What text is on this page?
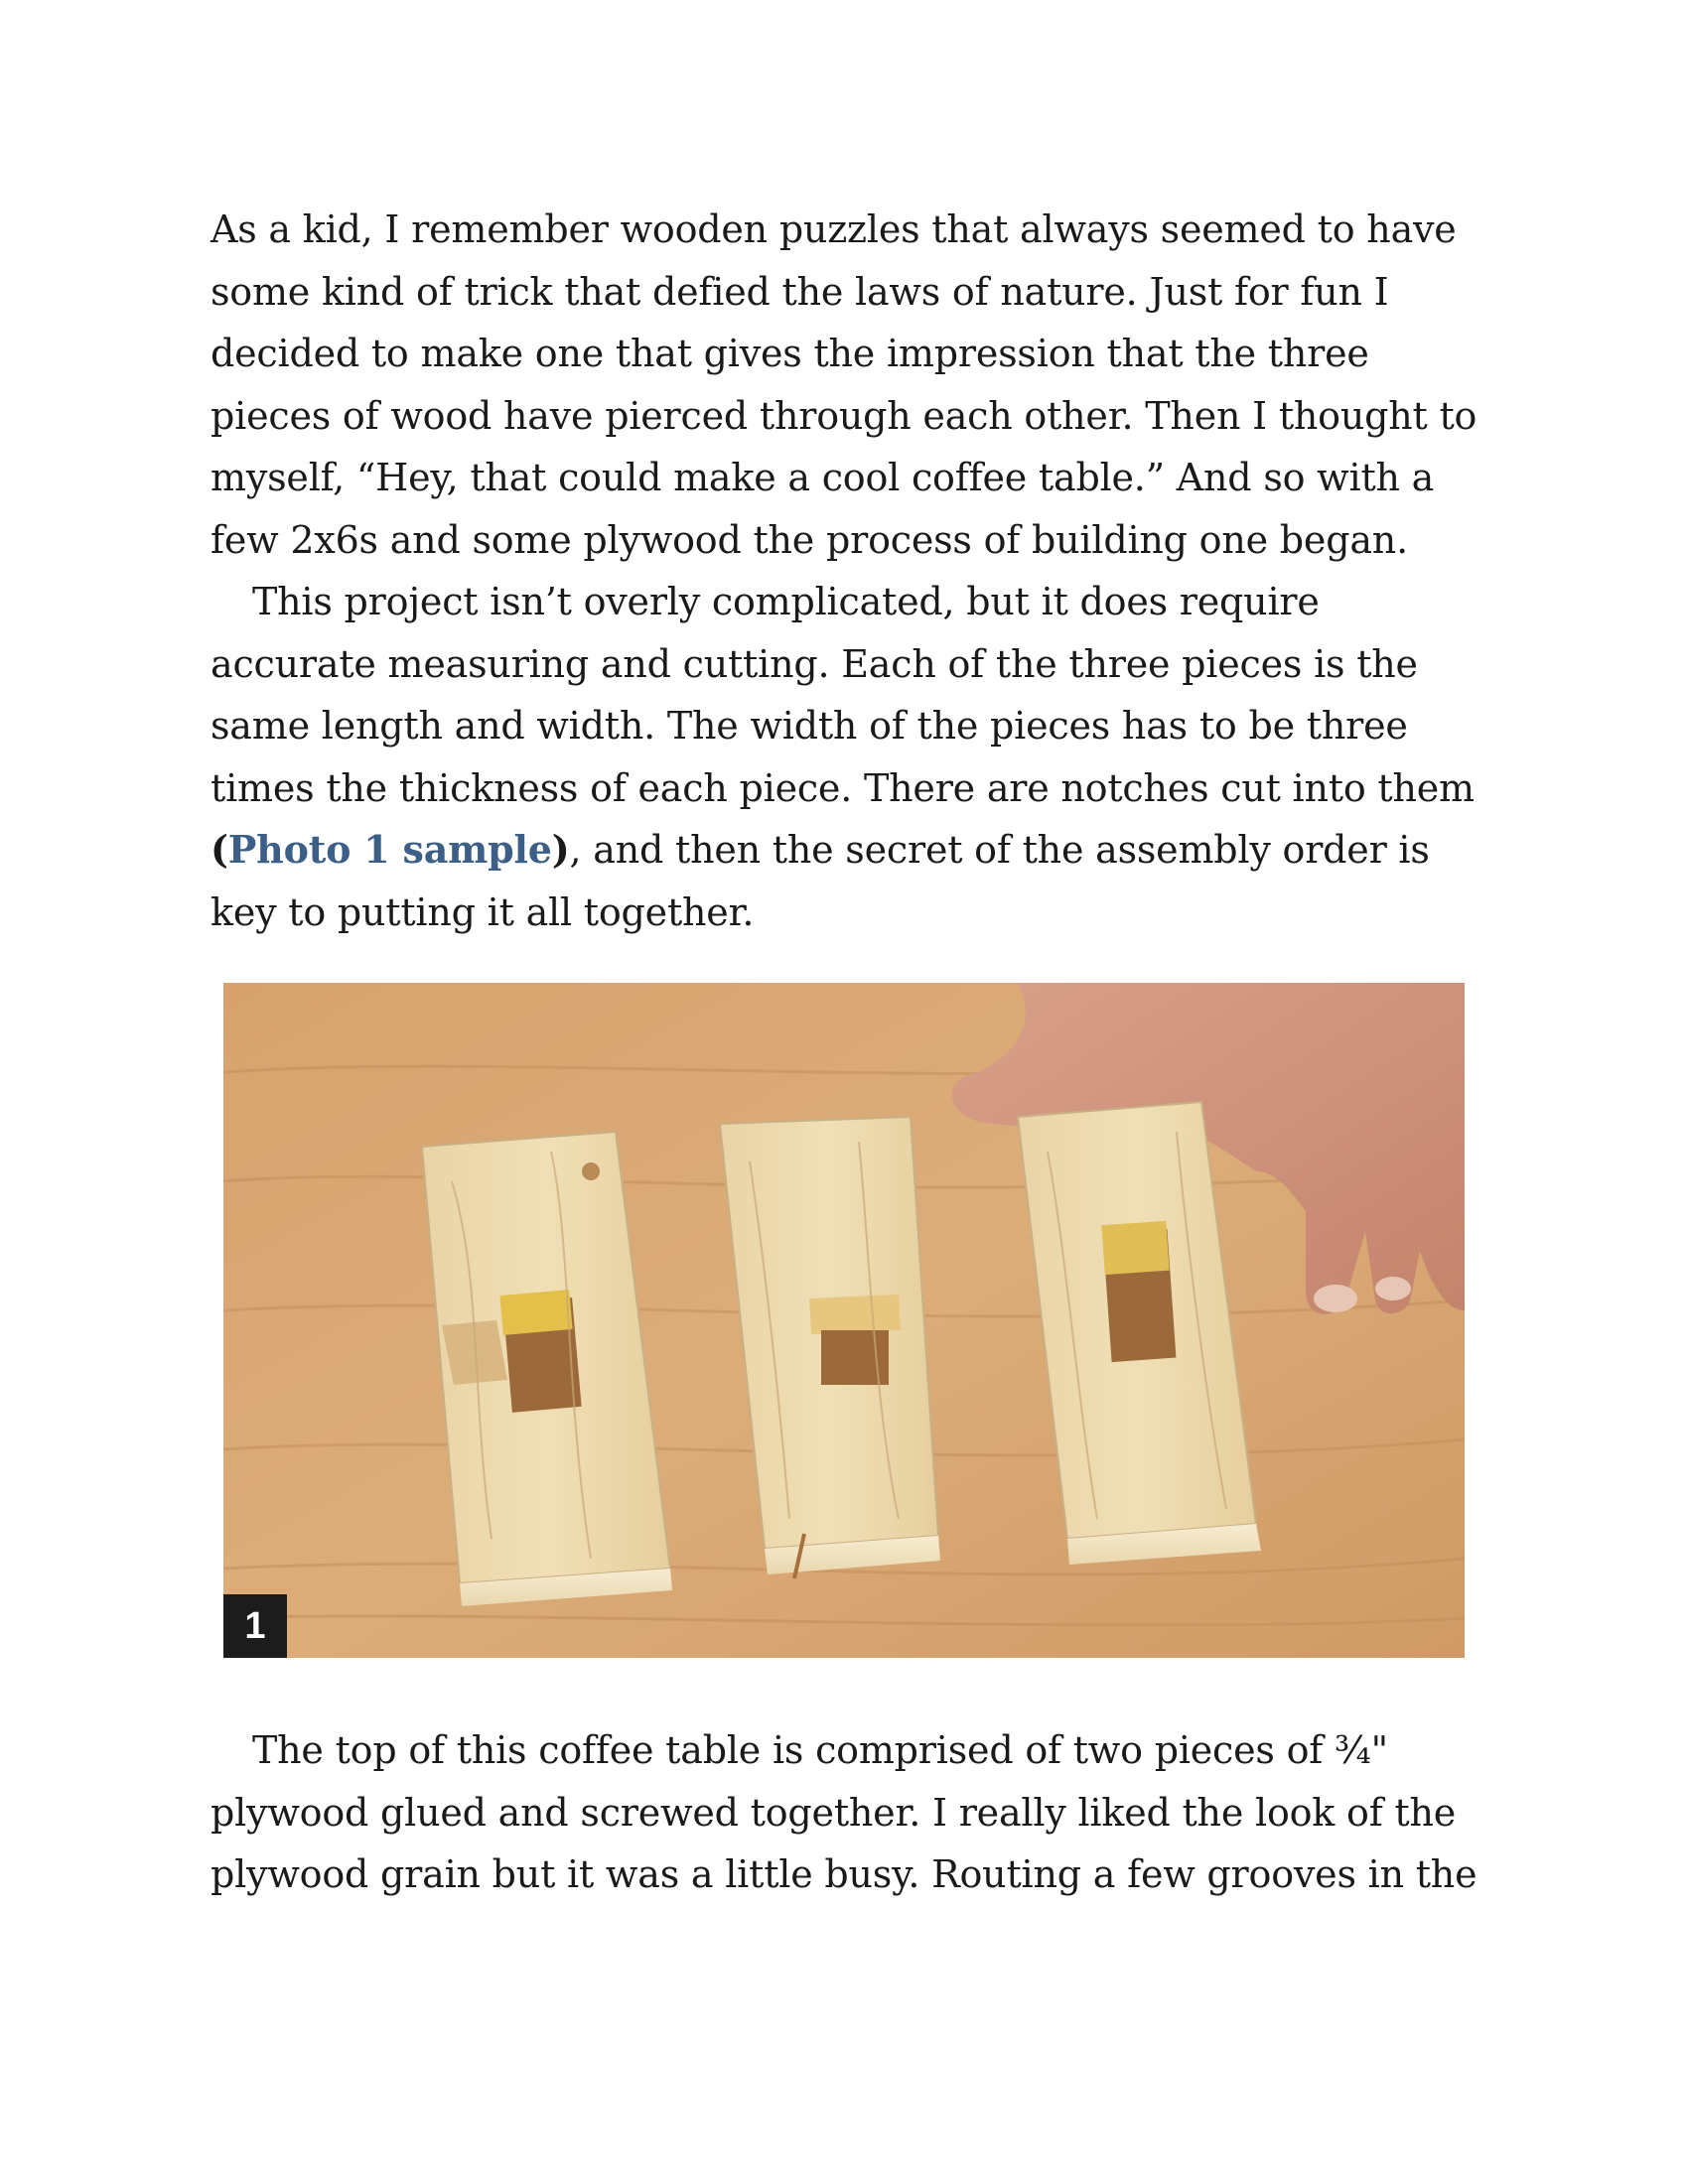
As a kid, I remember wooden puzzles that always seemed to have some kind of trick that defied the laws of nature. Just for fun I decided to make one that gives the impression that the three pieces of wood have pierced through each other. Then I thought to myself, “Hey, that could make a cool coffee table.” And so with a few 2x6s and some plywood the process of building one began.

This project isn’t overly complicated, but it does require accurate measuring and cutting. Each of the three pieces is the same length and width. The width of the pieces has to be three times the thickness of each piece. There are notches cut into them (Photo 1 sample), and then the secret of the assembly order is key to putting it all together.

1

The top of this coffee table is comprised of two pieces of ¾" plywood glued and screwed together. I really liked the look of the plywood grain but it was a little busy. Routing a few grooves in the
